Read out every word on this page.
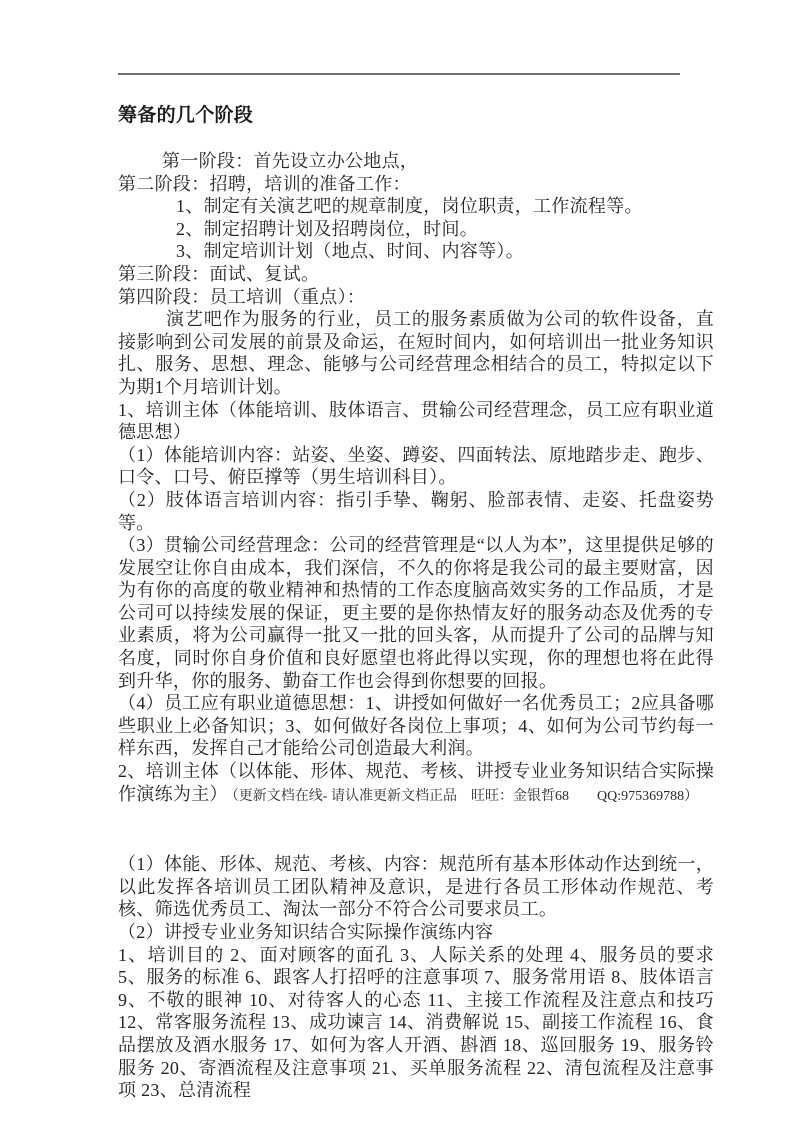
筹备的几个阶段

第一阶段：首先设立办公地点，

第二阶段：招聘，培训的准备工作：

1、制定有关演艺吧的规章制度，岗位职责，工作流程等。

2、制定招聘计划及招聘岗位，时间。

3、制定培训计划（地点、时间、内容等）。

第三阶段：面试、复试。

第四阶段：员工培训（重点）：

演艺吧作为服务的行业，员工的服务素质做为公司的软件设备，直接影响到公司发展的前景及命运，在短时间内，如何培训出一批业务知识扎、服务、思想、理念、能够与公司经营理念相结合的员工，特拟定以下为期1个月培训计划。

1、培训主体（体能培训、肢体语言、贯输公司经营理念，员工应有职业道德思想）

（1）体能培训内容：站姿、坐姿、蹲姿、四面转法、原地踏步走、跑步、口令、口号、俯臣撑等（男生培训科目）。

（2）肢体语言培训内容：指引手挚、鞠躬、脸部表情、走姿、托盘姿势等。

（3）贯输公司经营理念：公司的经营管理是“以人为本”，这里提供足够的发展空让你自由成本，我们深信，不久的你将是我公司的最主要财富，因为有你的高度的敬业精神和热情的工作态度脑高效实务的工作品质，才是公司可以持续发展的保证，更主要的是你热情友好的服务动态及优秀的专业素质，将为公司赢得一批又一批的回头客，从而提升了公司的品牌与知名度，同时你自身价值和良好愿望也将此得以实现，你的理想也将在此得到升华，你的服务、勤奋工作也会得到你想要的回报。

（4）员工应有职业道德思想：1、讲授如何做好一名优秀员工；2应具备哪些职业上必备知识；3、如何做好各岗位上事项；4、如何为公司节约每一样东西，发挥自己才能给公司创造最大利润。

2、培训主体（以体能、形体、规范、考核、讲授专业业务知识结合实际操作演练为主） （更新文档在线- 请认准更新文档正品　旺旺：金银哲68　　QQ:975369788）

（1）体能、形体、规范、考核、内容：规范所有基本形体动作达到统一，以此发挥各培训员工团队精神及意识，是进行各员工形体动作规范、考核、筛选优秀员工、淘汰一部分不符合公司要求员工。

（2）讲授专业业务知识结合实际操作演练内容

1、培训目的 2、面对顾客的面孔 3、人际关系的处理 4、服务员的要求 5、服务的标准 6、跟客人打招呼的注意事项 7、服务常用语 8、肢体语言 9、不敬的眼神 10、对待客人的心态 11、主接工作流程及注意点和技巧 12、常客服务流程 13、成功谏言 14、消费解说 15、副接工作流程 16、食品摆放及酒水服务 17、如何为客人开酒、斟酒 18、巡回服务 19、服务铃服务 20、寄酒流程及注意事项 21、买单服务流程 22、清包流程及注意事项 23、总清流程
